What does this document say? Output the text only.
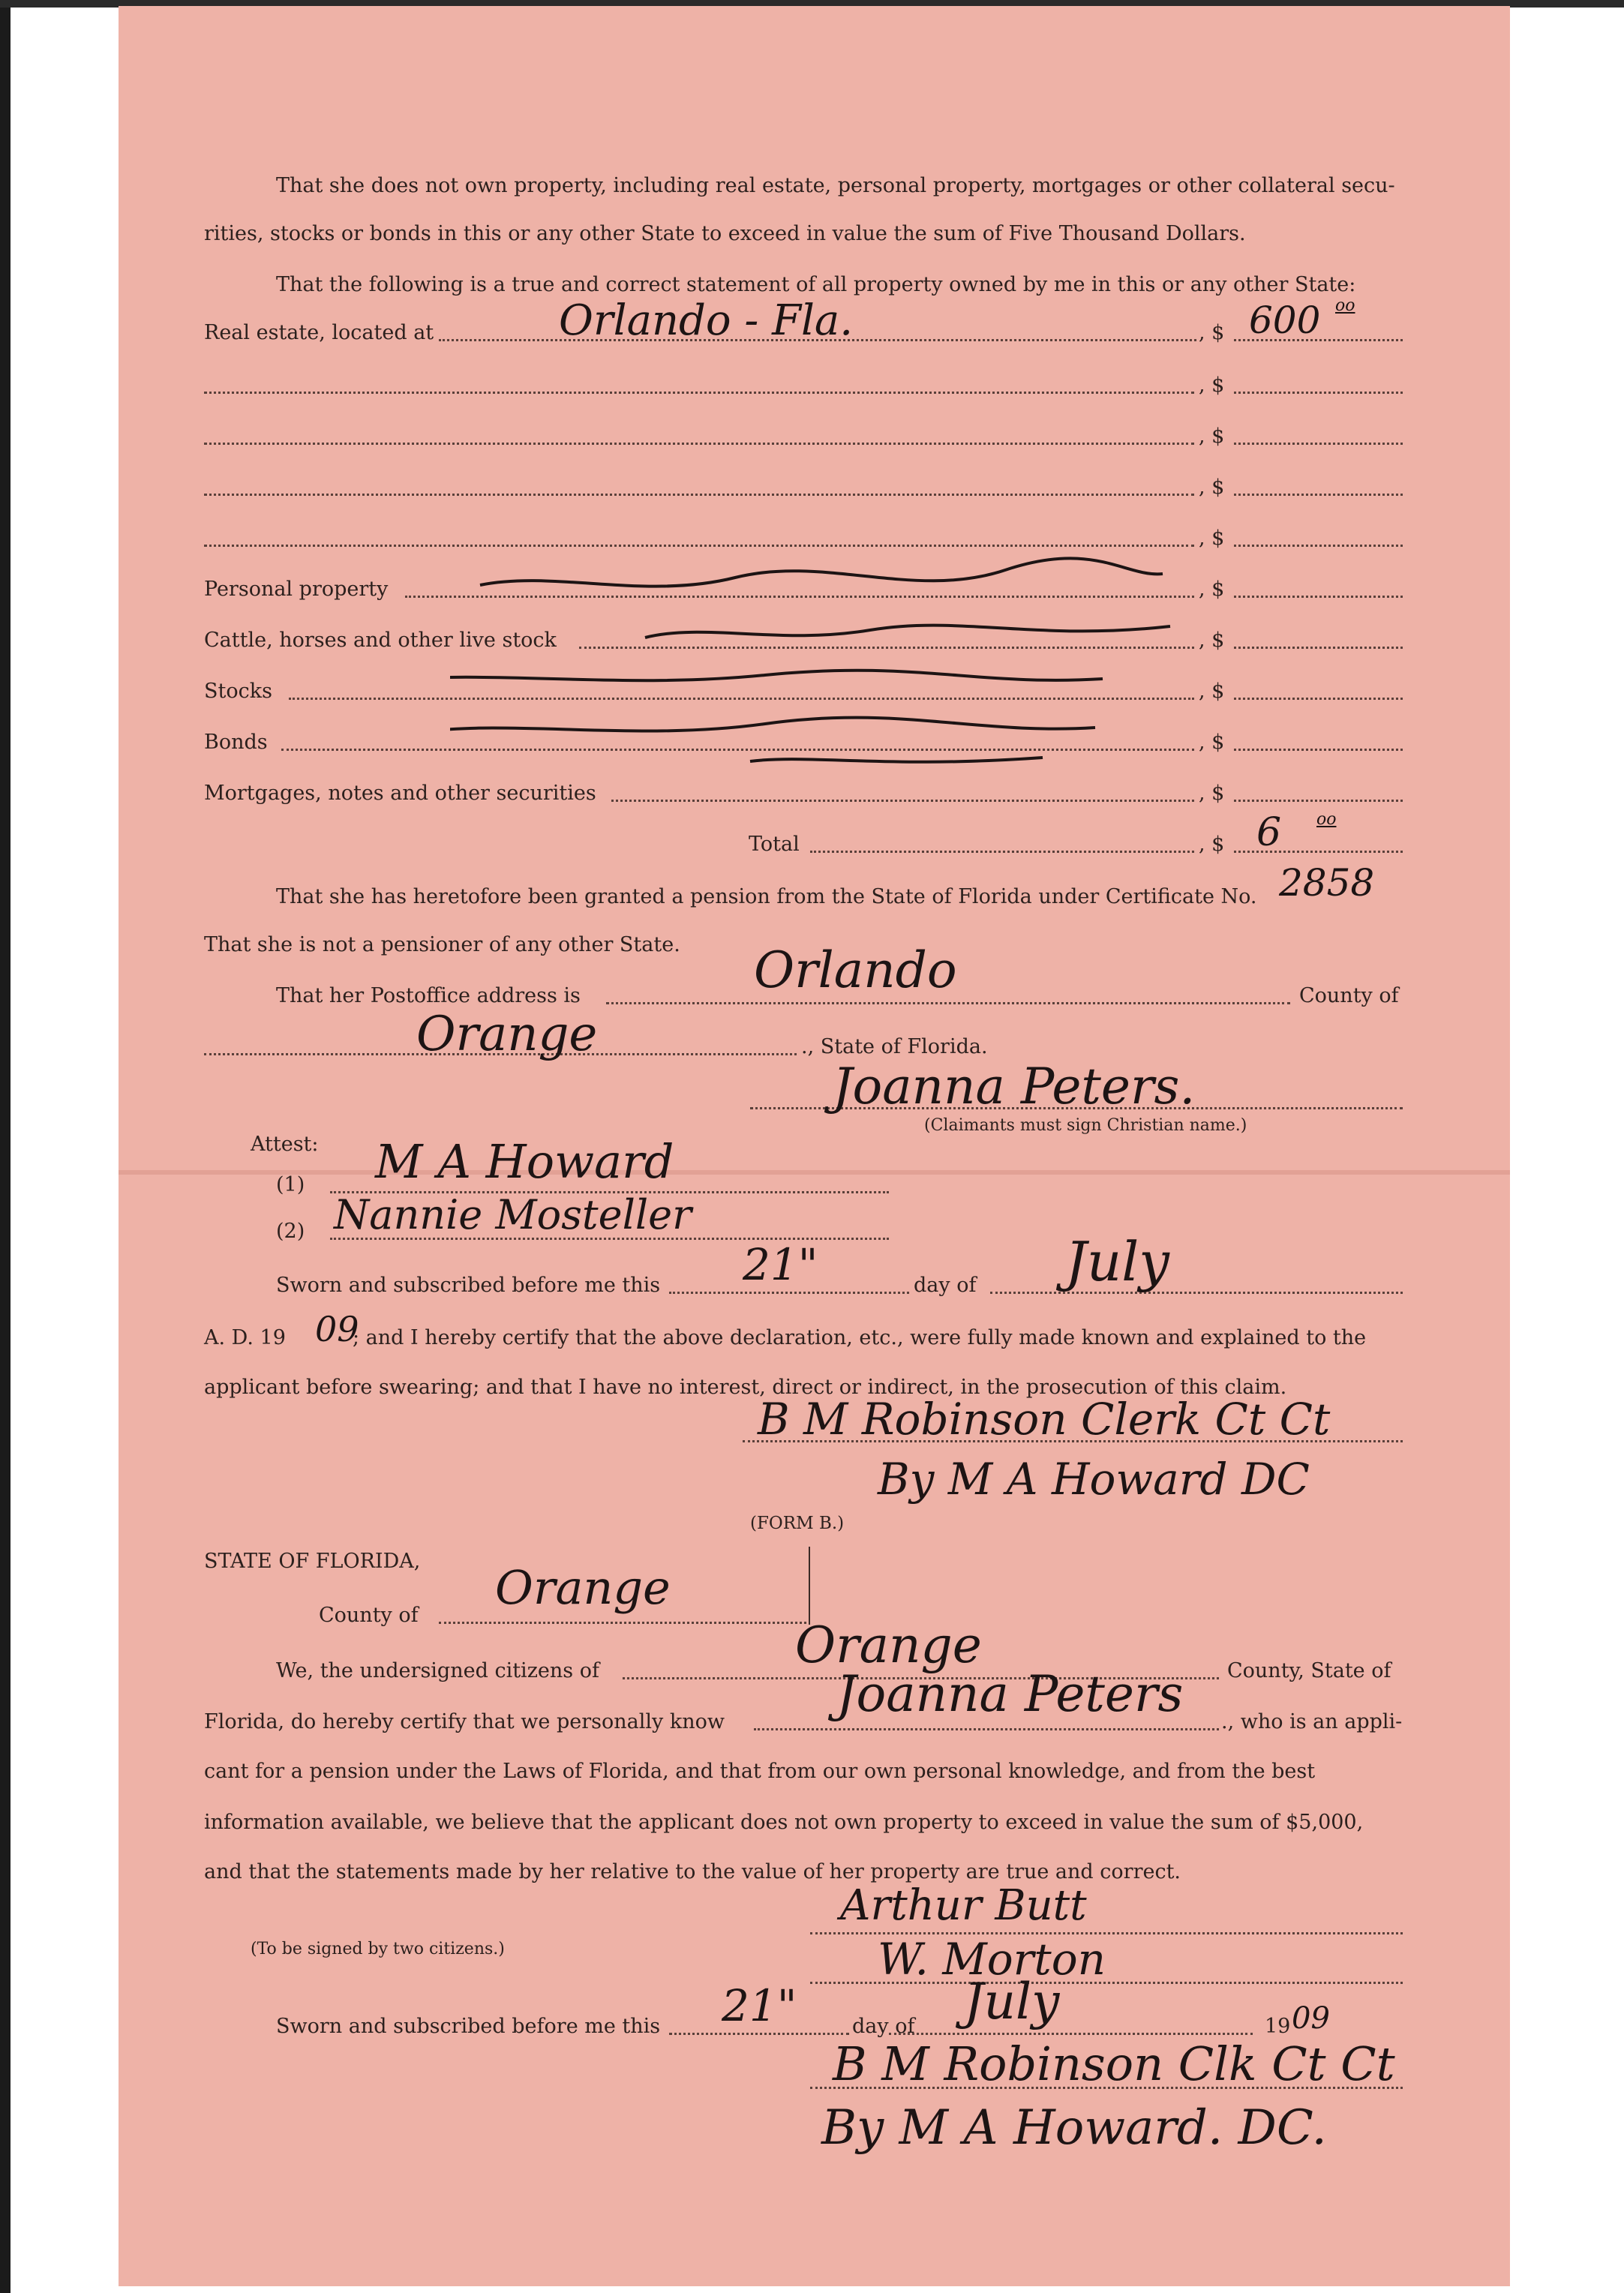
That she does not own property, including real estate, personal property, mortgages or other collateral secu-
rities, stocks or bonds in this or any other State to exceed in value the sum of Five Thousand Dollars.
That the following is a true and correct statement of all property owned by me in this or any other State:
Real estate, located at	Orlando - Fla.	, $ 600 oo
, $
, $
, $
, $
Personal property	, $
Cattle, horses and other live stock	, $
Stocks	, $
Bonds	, $
Mortgages, notes and other securities	, $
Total	, $ 6 oo
That she has heretofore been granted a pension from the State of Florida under Certificate No. 2858
That she is not a pensioner of any other State.
That her Postoffice address is	Orlando	County of
Orange	., State of Florida.
Joanna Peters.
(Claimants must sign Christian name.)
Attest:
(1) M A Howard
(2) Nannie Mosteller
Sworn and subscribed before me this 21"	day of July
A. D. 19 09
; and I hereby certify that the above declaration, etc., were fully made known and explained to the
applicant before swearing; and that I have no interest, direct or indirect, in the prosecution of this claim.
B M Robinson Clerk Ct Ct
By M A Howard DC
(FORM B.)
STATE OF FLORIDA,
County of
Orange
We, the undersigned citizens of	Orange	County, State of
Florida, do hereby certify that we personally know Joanna Peters ., who is an appli-
cant for a pension under the Laws of Florida, and that from our own personal knowledge, and from the best
information available, we believe that the applicant does not own property to exceed in value the sum of $5,000,
and that the statements made by her relative to the value of her property are true and correct.
Arthur Butt
(To be signed by two citizens.)	W. Morton
Sworn and subscribed before me this 21"	day of July	19 09
B M Robinson Clk Ct Ct
By M A Howard. DC.
